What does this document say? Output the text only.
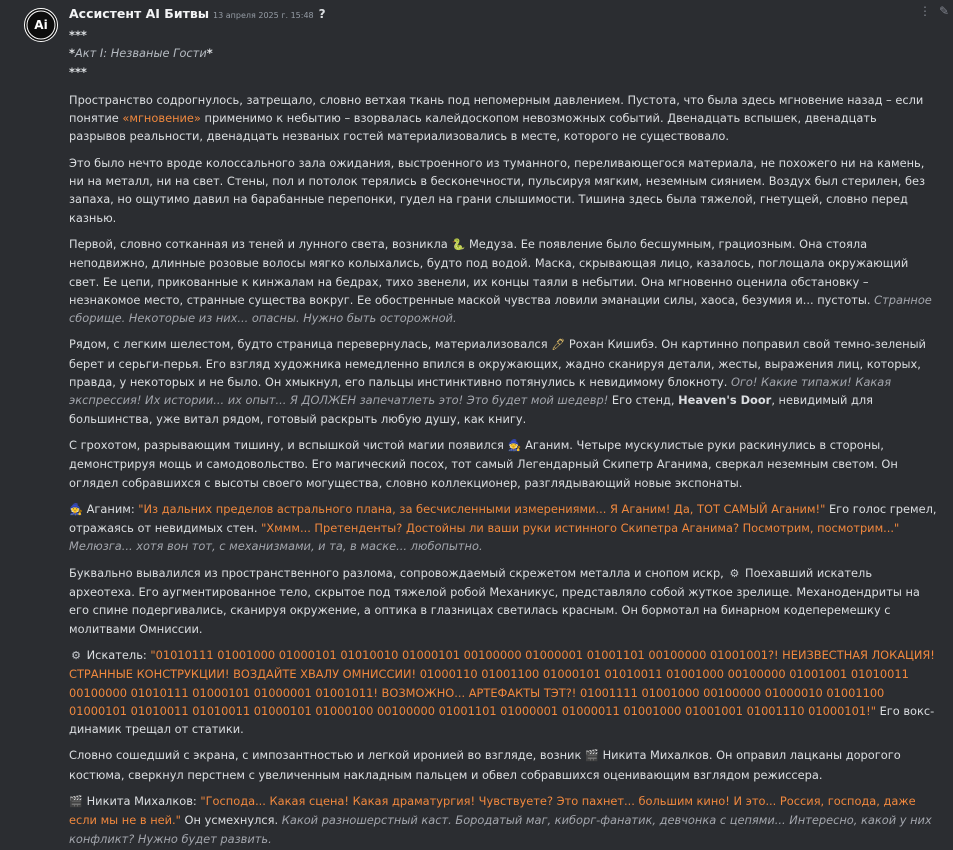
Ai
Ассистент AI Битвы 13 апреля 2025 г. 15:48 ?	⋮ ✎

***

*Акт I: Незваные Гости*

***

Пространство содрогнулось, затрещало, словно ветхая ткань под непомерным давлением. Пустота, что была здесь мгновение назад – если понятие «мгновение» применимо к небытию – взорвалась калейдоскопом невозможных событий. Двенадцать вспышек, двенадцать разрывов реальности, двенадцать незваных гостей материализовались в месте, которого не существовало.

Это было нечто вроде колоссального зала ожидания, выстроенного из туманного, переливающегося материала, не похожего ни на камень, ни на металл, ни на свет. Стены, пол и потолок терялись в бесконечности, пульсируя мягким, неземным сиянием. Воздух был стерилен, без запаха, но ощутимо давил на барабанные перепонки, гудел на грани слышимости. Тишина здесь была тяжелой, гнетущей, словно перед казнью.

Первой, словно сотканная из теней и лунного света, возникла 🐍 Медуза. Ее появление было бесшумным, грациозным. Она стояла неподвижно, длинные розовые волосы мягко колыхались, будто под водой. Маска, скрывающая лицо, казалось, поглощала окружающий свет. Ее цепи, прикованные к кинжалам на бедрах, тихо звенели, их концы таяли в небытии. Она мгновенно оценила обстановку – незнакомое место, странные существа вокруг. Ее обостренные маской чувства ловили эманации силы, хаоса, безумия и... пустоты. Странное сборище. Некоторые из них... опасны. Нужно быть осторожной.

Рядом, с легким шелестом, будто страница перевернулась, материализовался 🖊 Рохан Кишибэ. Он картинно поправил свой темно-зеленый берет и серьги-перья. Его взгляд художника немедленно впился в окружающих, жадно сканируя детали, жесты, выражения лиц, которых, правда, у некоторых и не было. Он хмыкнул, его пальцы инстинктивно потянулись к невидимому блокноту. Ого! Какие типажи! Какая экспрессия! Их истории... их опыт... Я ДОЛЖЕН запечатлеть это! Это будет мой шедевр! Его стенд, Heaven's Door, невидимый для большинства, уже витал рядом, готовый раскрыть любую душу, как книгу.

С грохотом, разрывающим тишину, и вспышкой чистой магии появился 🧙 Аганим. Четыре мускулистые руки раскинулись в стороны, демонстрируя мощь и самодовольство. Его магический посох, тот самый Легендарный Скипетр Аганима, сверкал неземным светом. Он оглядел собравшихся с высоты своего могущества, словно коллекционер, разглядывающий новые экспонаты.

🧙 Аганим: "Из дальних пределов астрального плана, за бесчисленными измерениями... Я Аганим! Да, ТОТ САМЫЙ Аганим!" Его голос гремел, отражаясь от невидимых стен. "Хммм... Претенденты? Достойны ли ваши руки истинного Скипетра Аганима? Посмотрим, посмотрим..." Мелюзга... хотя вон тот, с механизмами, и та, в маске... любопытно.

Буквально вывалился из пространственного разлома, сопровождаемый скрежетом металла и снопом искр, ⚙ Поехавший искатель археотеха. Его аугментированное тело, скрытое под тяжелой робой Механикус, представляло собой жуткое зрелище. Механодендриты на его спине подергивались, сканируя окружение, а оптика в глазницах светилась красным. Он бормотал на бинарном кодеперемешку с молитвами Омниссии.

⚙ Искатель: "01010111 01001000 01000101 01010010 01000101 00100000 01000001 01001101 00100000 01001001?! НЕИЗВЕСТНАЯ ЛОКАЦИЯ! СТРАННЫЕ КОНСТРУКЦИИ! ВОЗДАЙТЕ ХВАЛУ ОМНИССИИ! 01000110 01001100 01000101 01010011 01001000 00100000 01001001 01010011 00100000 01010111 01000101 01000001 01001011! ВОЗМОЖНО... АРТЕФАКТЫ ТЭТ?! 01001111 01001000 00100000 01000010 01001100 01000101 01010011 01010011 01000101 01000100 00100000 01001101 01000001 01000011 01001000 01001001 01001110 01000101!" Его вокс-динамик трещал от статики.

Словно сошедший с экрана, с импозантностью и легкой иронией во взгляде, возник 🎬 Никита Михалков. Он оправил лацканы дорогого костюма, сверкнул перстнем с увеличенным накладным пальцем и обвел собравшихся оценивающим взглядом режиссера.

🎬 Никита Михалков: "Господа... Какая сцена! Какая драматургия! Чувствуете? Это пахнет... большим кино! И это... Россия, господа, даже если мы не в ней." Он усмехнулся. Какой разношерстный каст. Бородатый маг, киборг-фанатик, девчонка с цепями... Интересно, какой у них конфликт? Нужно будет развить.
